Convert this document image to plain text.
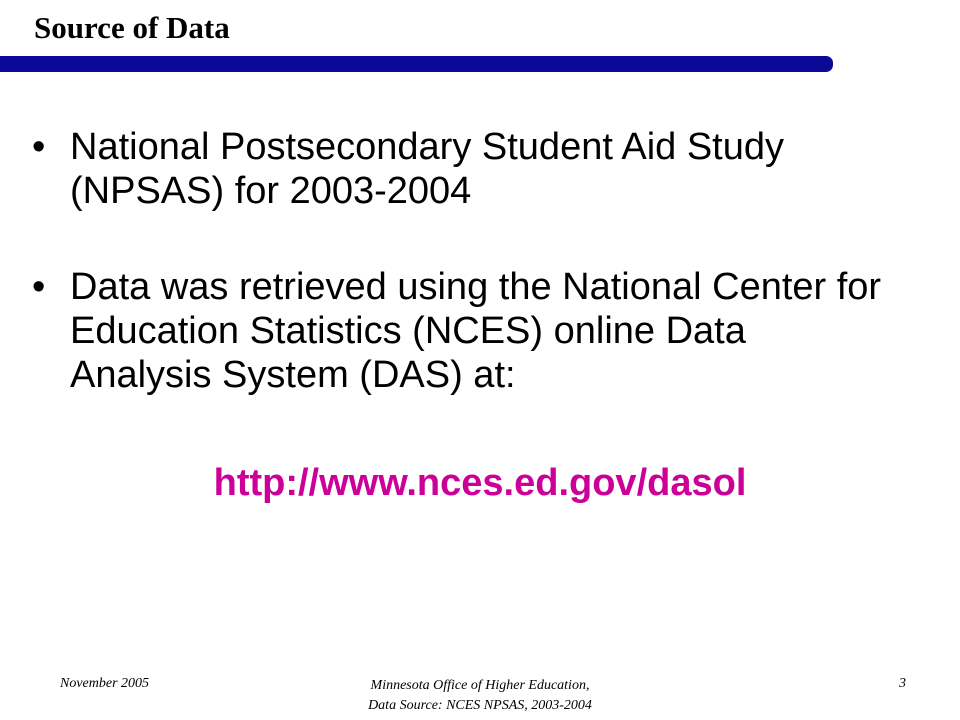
Source of Data
• National Postsecondary Student Aid Study (NPSAS) for 2003-2004
• Data was retrieved using the National Center for Education Statistics (NCES) online Data Analysis System (DAS) at:
http://www.nces.ed.gov/dasol
November 2005	Minnesota Office of Higher Education,
Data Source: NCES NPSAS, 2003-2004
3
